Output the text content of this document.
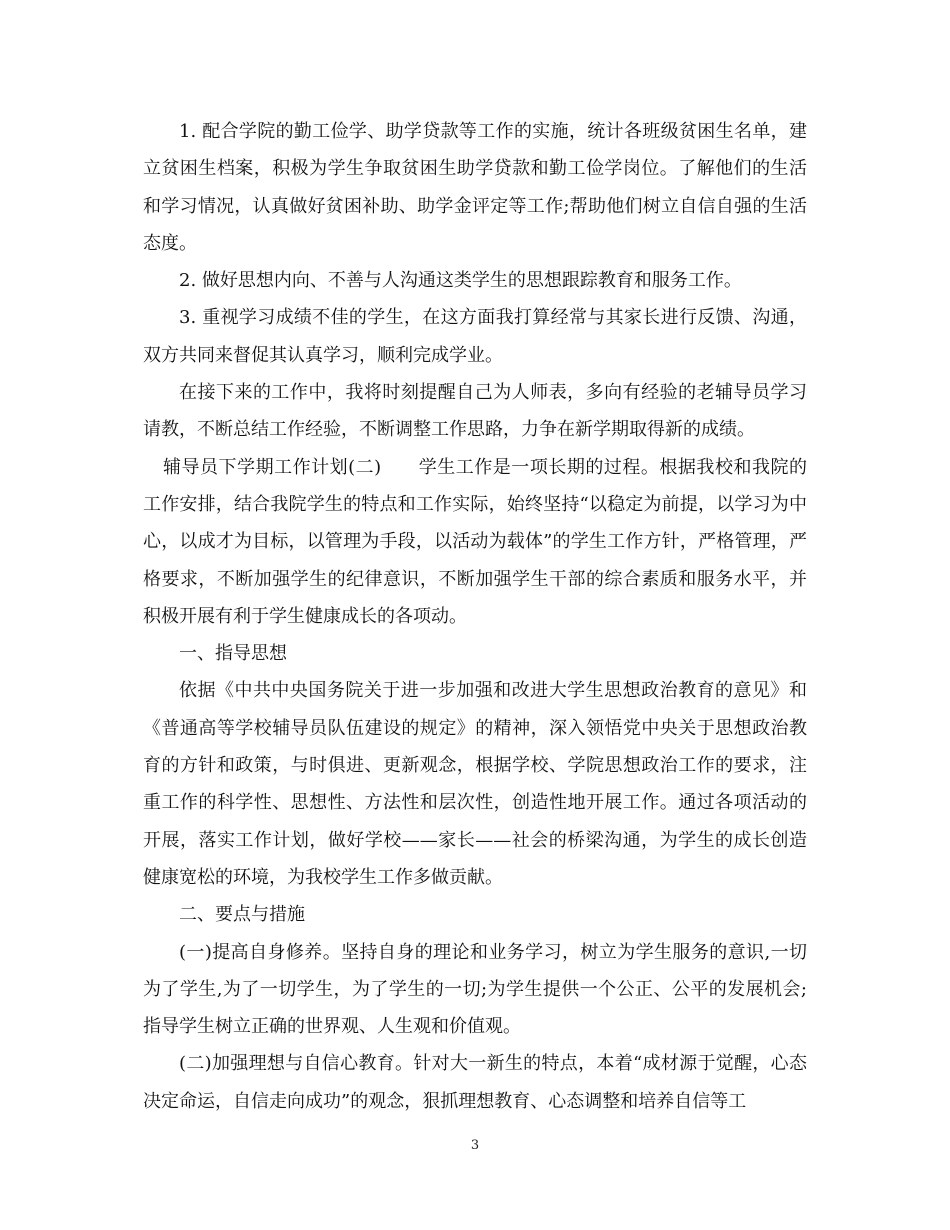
1. 配合学院的勤工俭学、助学贷款等工作的实施，统计各班级贫困生名单，建立贫困生档案，积极为学生争取贫困生助学贷款和勤工俭学岗位。了解他们的生活和学习情况，认真做好贫困补助、助学金评定等工作;帮助他们树立自信自强的生活态度。

2. 做好思想内向、不善与人沟通这类学生的思想跟踪教育和服务工作。

3. 重视学习成绩不佳的学生，在这方面我打算经常与其家长进行反馈、沟通，双方共同来督促其认真学习，顺利完成学业。

在接下来的工作中，我将时刻提醒自己为人师表，多向有经验的老辅导员学习请教，不断总结工作经验，不断调整工作思路，力争在新学期取得新的成绩。

辅导员下学期工作计划(二)　　学生工作是一项长期的过程。根据我校和我院的工作安排，结合我院学生的特点和工作实际，始终坚持“以稳定为前提，以学习为中心，以成才为目标，以管理为手段，以活动为载体”的学生工作方针，严格管理，严格要求，不断加强学生的纪律意识，不断加强学生干部的综合素质和服务水平，并积极开展有利于学生健康成长的各项动。

一、指导思想

依据《中共中央国务院关于进一步加强和改进大学生思想政治教育的意见》和《普通高等学校辅导员队伍建设的规定》的精神，深入领悟党中央关于思想政治教育的方针和政策，与时俱进、更新观念，根据学校、学院思想政治工作的要求，注重工作的科学性、思想性、方法性和层次性，创造性地开展工作。通过各项活动的开展，落实工作计划，做好学校——家长——社会的桥梁沟通，为学生的成长创造健康宽松的环境，为我校学生工作多做贡献。

二、要点与措施

(一)提高自身修养。坚持自身的理论和业务学习，树立为学生服务的意识,一切为了学生,为了一切学生，为了学生的一切;为学生提供一个公正、公平的发展机会;指导学生树立正确的世界观、人生观和价值观。

(二)加强理想与自信心教育。针对大一新生的特点，本着“成材源于觉醒，心态决定命运，自信走向成功”的观念，狠抓理想教育、心态调整和培养自信等工

3
